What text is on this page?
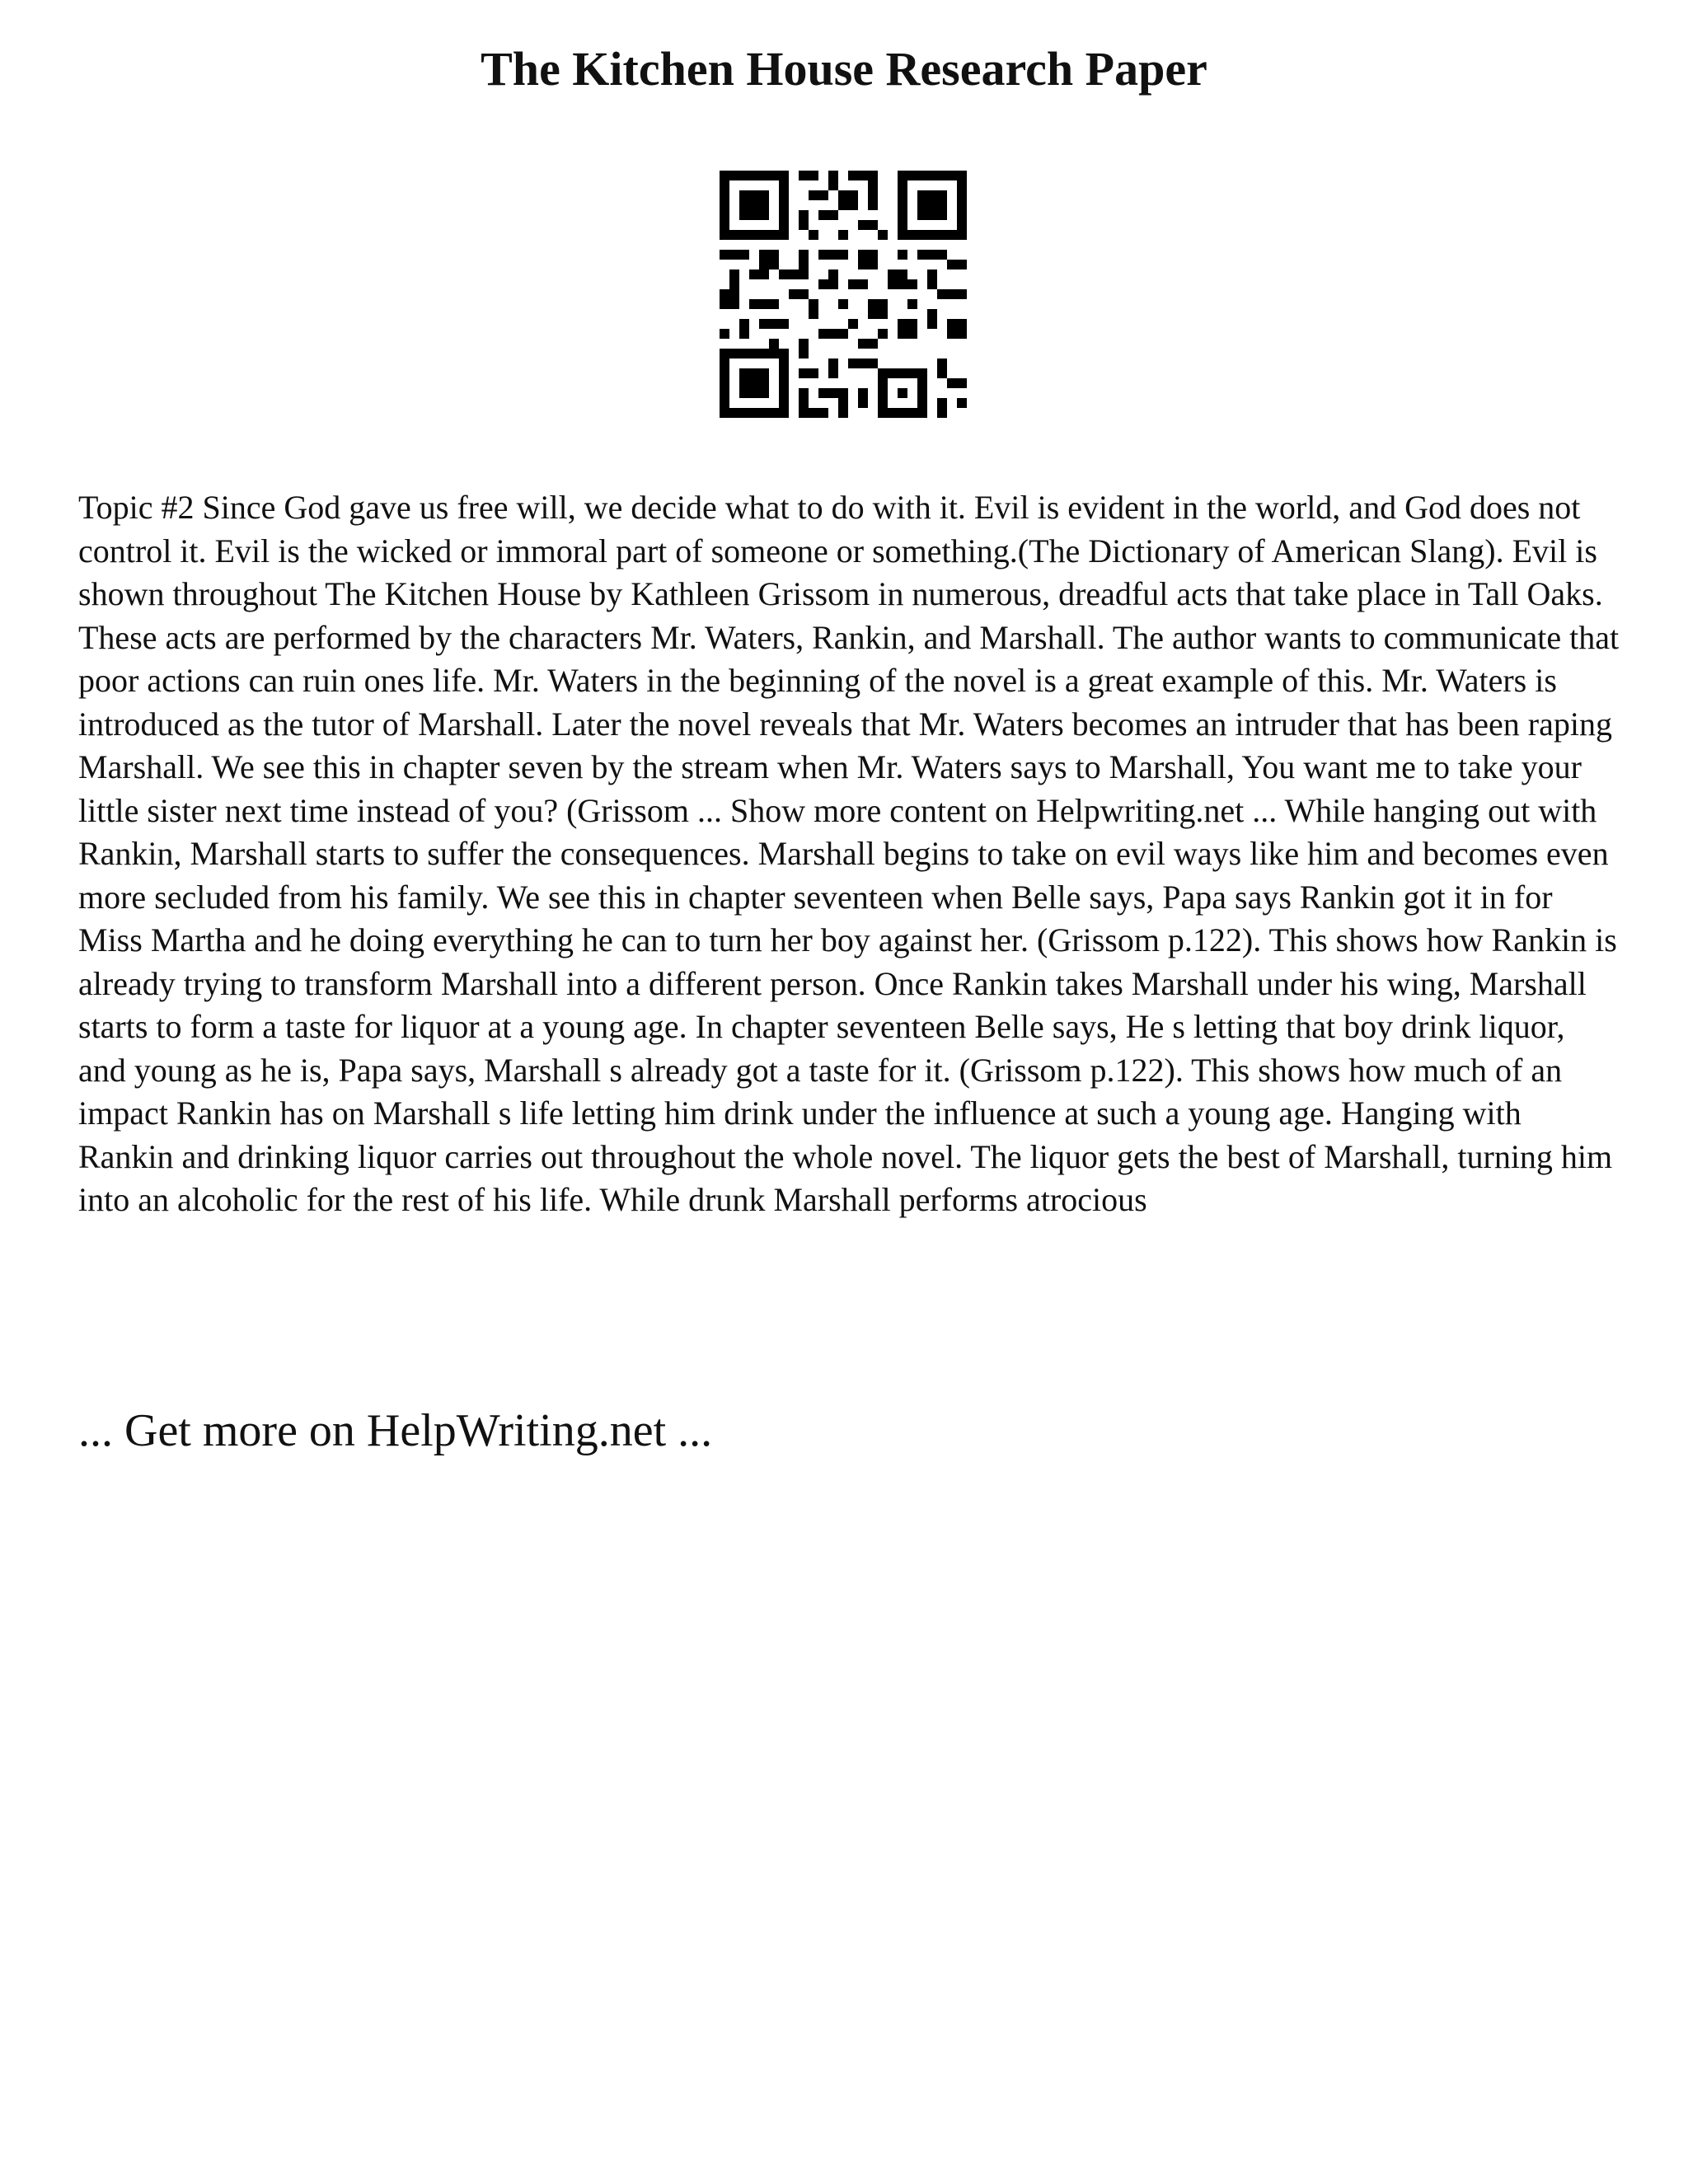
The Kitchen House Research Paper

Topic #2 Since God gave us free will, we decide what to do with it. Evil is evident in the world, and God does not control it. Evil is the wicked or immoral part of someone or something.(The Dictionary of American Slang). Evil is shown throughout The Kitchen House by Kathleen Grissom in numerous, dreadful acts that take place in Tall Oaks. These acts are performed by the characters Mr. Waters, Rankin, and Marshall. The author wants to communicate that poor actions can ruin ones life. Mr. Waters in the beginning of the novel is a great example of this. Mr. Waters is introduced as the tutor of Marshall. Later the novel reveals that Mr. Waters becomes an intruder that has been raping Marshall. We see this in chapter seven by the stream when Mr. Waters says to Marshall, You want me to take your little sister next time instead of you? (Grissom ... Show more content on Helpwriting.net ... While hanging out with Rankin, Marshall starts to suffer the consequences. Marshall begins to take on evil ways like him and becomes even more secluded from his family. We see this in chapter seventeen when Belle says, Papa says Rankin got it in for Miss Martha and he doing everything he can to turn her boy against her. (Grissom p.122). This shows how Rankin is already trying to transform Marshall into a different person. Once Rankin takes Marshall under his wing, Marshall starts to form a taste for liquor at a young age. In chapter seventeen Belle says, He s letting that boy drink liquor, and young as he is, Papa says, Marshall s already got a taste for it. (Grissom p.122). This shows how much of an impact Rankin has on Marshall s life letting him drink under the influence at such a young age. Hanging with Rankin and drinking liquor carries out throughout the whole novel. The liquor gets the best of Marshall, turning him into an alcoholic for the rest of his life. While drunk Marshall performs atrocious

... Get more on HelpWriting.net ...
